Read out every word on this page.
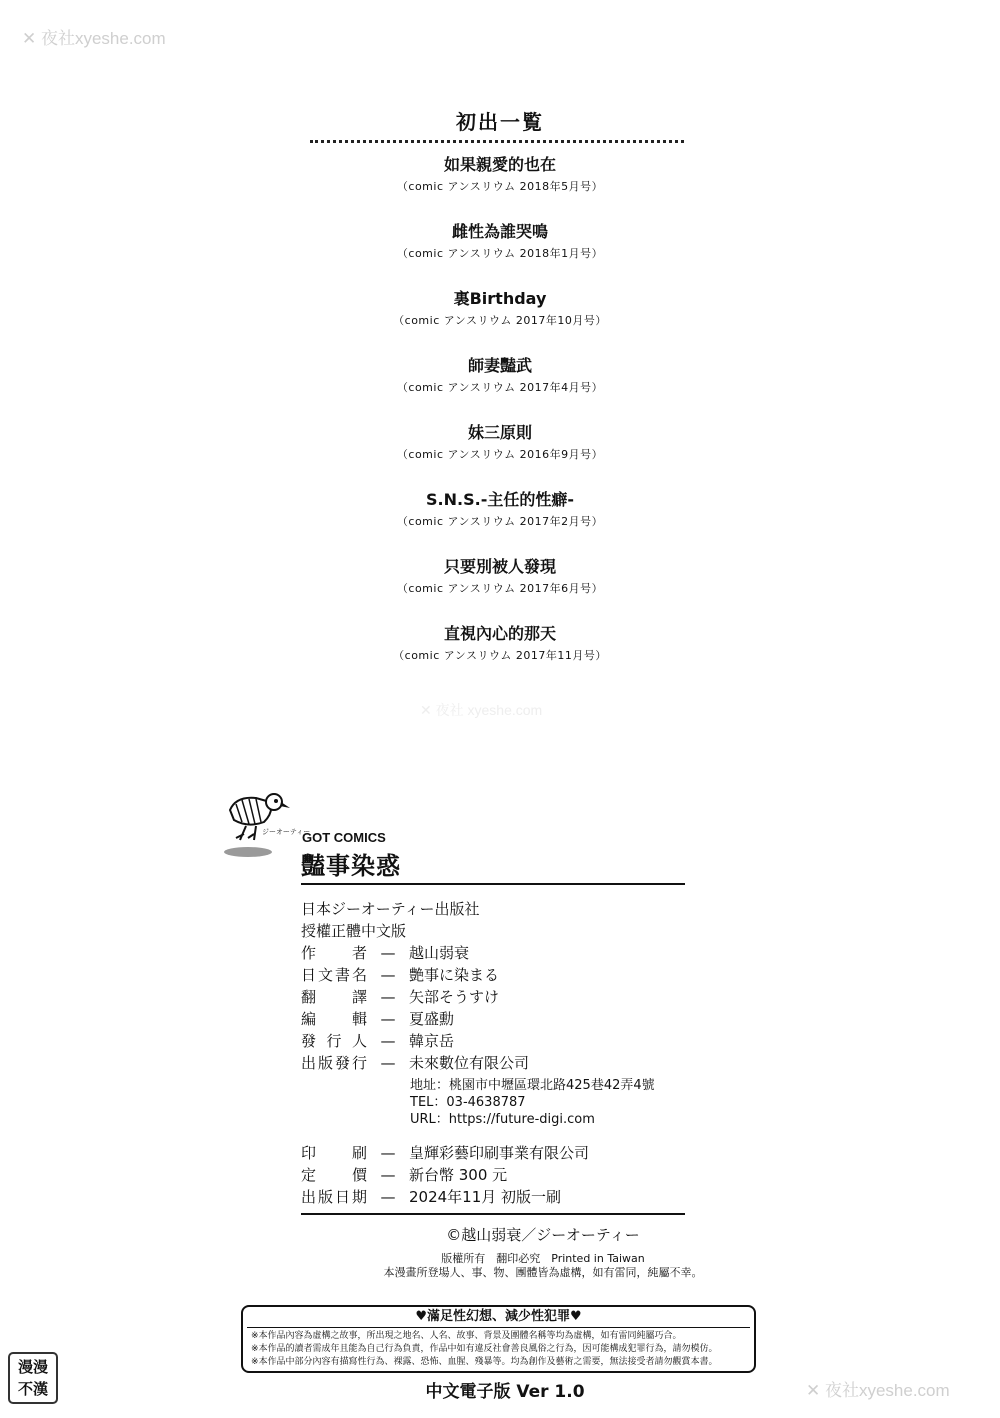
✕ 夜社xyeshe.com
✕ 夜社 xyeshe.com
✕ 夜社xyeshe.com
初出一覧
如果親愛的也在
（comic アンスリウム 2018年5月号）
雌性為誰哭鳴
（comic アンスリウム 2018年1月号）
裏Birthday
（comic アンスリウム 2017年10月号）
師妻豔武
（comic アンスリウム 2017年4月号）
妹三原則
（comic アンスリウム 2016年9月号）
S.N.S.-主任的性癖-
（comic アンスリウム 2017年2月号）
只要別被人發現
（comic アンスリウム 2017年6月号）
直視內心的那天
（comic アンスリウム 2017年11月号）
ジーオーティー
GOT COMICS
豔事染惑
日本ジーオーティー出版社
授權正體中文版
作者 — 越山弱衰
日文書名 — 艶事に染まる
翻譯 — 矢部そうすけ
編輯 — 夏盛勳
發行人 — 韓京岳
出版發行 — 未來數位有限公司
地址：桃園市中壢區環北路425巷42弄4號
TEL：03-4638787
URL：https://future-digi.com
印刷 — 皇輝彩藝印刷事業有限公司
定價 — 新台幣 300 元
出版日期 — 2024年11月 初版一刷
©越山弱衰／ジーオーティー
版權所有　翻印必究　Printed in Taiwan
本漫畫所登場人、事、物、團體皆為虛構，如有雷同，純屬不幸。
♥滿足性幻想、減少性犯罪♥
※本作品內容為虛構之故事，所出現之地名、人名、故事、背景及團體名稱等均為虛構，如有雷同純屬巧合。
※本作品的讀者需成年且能為自己行為負責，作品中如有違反社會善良風俗之行為，因可能構成犯罪行為，請勿模仿。
※本作品中部分內容有描寫性行為、裸露、恐怖、血腥、殘暴等。均為創作及藝術之需要，無法接受者請勿觀賞本書。
漫漫
不漢	中文電子版 Ver 1.0
